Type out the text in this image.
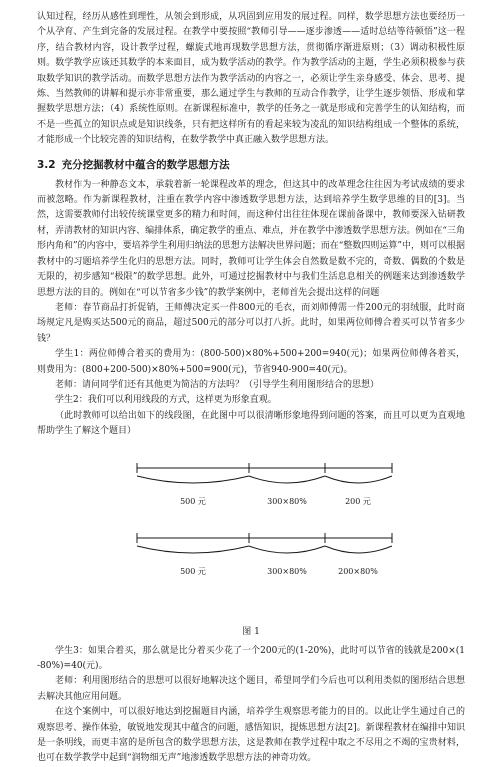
认知过程，经历从感性到理性，从领会到形成，从巩固到应用发的展过程。同样，数学思想方法也要经历一个从孕育、产生到完备的发展过程。在教学中要按照“教师引导——逐步渗透——适时总结等待顿悟”这一程序，结合教材内容，设计教学过程，螺旋式地再现数学思想方法，贯彻循序渐进原则；（3）调动积极性原则。数学教学应该还其数学的本来面目，成为数学活动的教学。作为教学活动的主题，学生必须积极参与获取数学知识的教学活动。而数学思想方法作为教学活动的内容之一，必须让学生亲身感受、体会、思考、提炼、当然教师的讲解和提示亦非常重要，那么通过学生与教师的互动合作教学，让学生逐步领悟、形成和掌握数学思想方法；（4）系统性原则。在新课程标准中，教学的任务之一就是形成和完善学生的认知结构，而不是一些孤立的知识点或是知识线条，只有把这样所有的看起来较为凌乱的知识结构组成一个整体的系统，才能形成一个比较完善的知识结构，在数学教学中真正融入数学思想方法。

3.2 充分挖掘教材中蕴含的数学思想方法

教材作为一种静态文本，承载着新一轮课程改革的理念，但这其中的改革理念往往因为考试成绩的要求而被忽略。作为新课程教材，注重在教学内容中渗透数学思想方法，达到培养学生数学思维的目的[3]。当然，这需要教师付出较传统课堂更多的精力和时间，而这种付出往往体现在课前备课中，教师要深入钻研教材，弄清教材的知识内容、编排体系，确定教学的重点、难点，并在教学中渗透数学思想方法。例如在“三角形内角和”的内容中，要培养学生利用归纳法的思想方法解决世界问题；而在“整数四则运算”中，则可以根据教材中的习题培养学生化归的思想方法。同时，教师可让学生体会自然数是数不完的，奇数、偶数的个数是无限的，初步感知“极限”的数学思想。此外，可通过挖掘教材中与我们生活息息相关的例题来达到渗透数学思想方法的目的。例如在“可以节省多少钱”的教学案例中，老师首先会提出这样的问题

老师：春节商品打折促销，王师傅决定买一件800元的毛衣，而刘师傅需一件200元的羽绒服，此时商场规定凡是购买达500元的商品，超过500元的部分可以打八折。此时，如果两位师傅合着买可以节省多少钱？

学生1：两位师傅合着买的费用为：(800-500)×80%+500+200=940(元)；如果两位师傅各着买，则费用为：(800+200-500)×80%+500=900(元)，节省940-900=40(元)。

老师：请问同学们还有其他更为简洁的方法吗？（引导学生利用图形结合的思想）

学生2：我们可以利用线段的方式，这样更为形象直观。

（此时教师可以给出如下的线段图，在此图中可以很清晰形象地得到问题的答案，而且可以更为直观地帮助学生了解这个题目）

500 元	300×80%	200 元
500 元	300×80%	200×80%
图 1

学生3：如果合着买，那么就是比分着买少花了一个200元的(1-20%)，此时可以节省的钱就是200×(1-80%)=40(元)。

老师：利用图形结合的思想可以很好地解决这个题目，希望同学们今后也可以利用类似的图形结合思想去解决其他应用问题。

在这个案例中，可以很好地达到挖掘题目内涵，培养学生观察思考能力的目的。以此让学生通过自己的观察思考、操作体验，敏锐地发现其中蕴含的问题，感悟知识，提炼思想方法[2]。新课程教材在编排中知识是一条明线，而更丰富的是所包含的数学思想方法，这是教师在教学过程中取之不尽用之不竭的宝贵材料，也可在数学教学中起到“润物细无声”地渗透数学思想方法的神奇功效。
